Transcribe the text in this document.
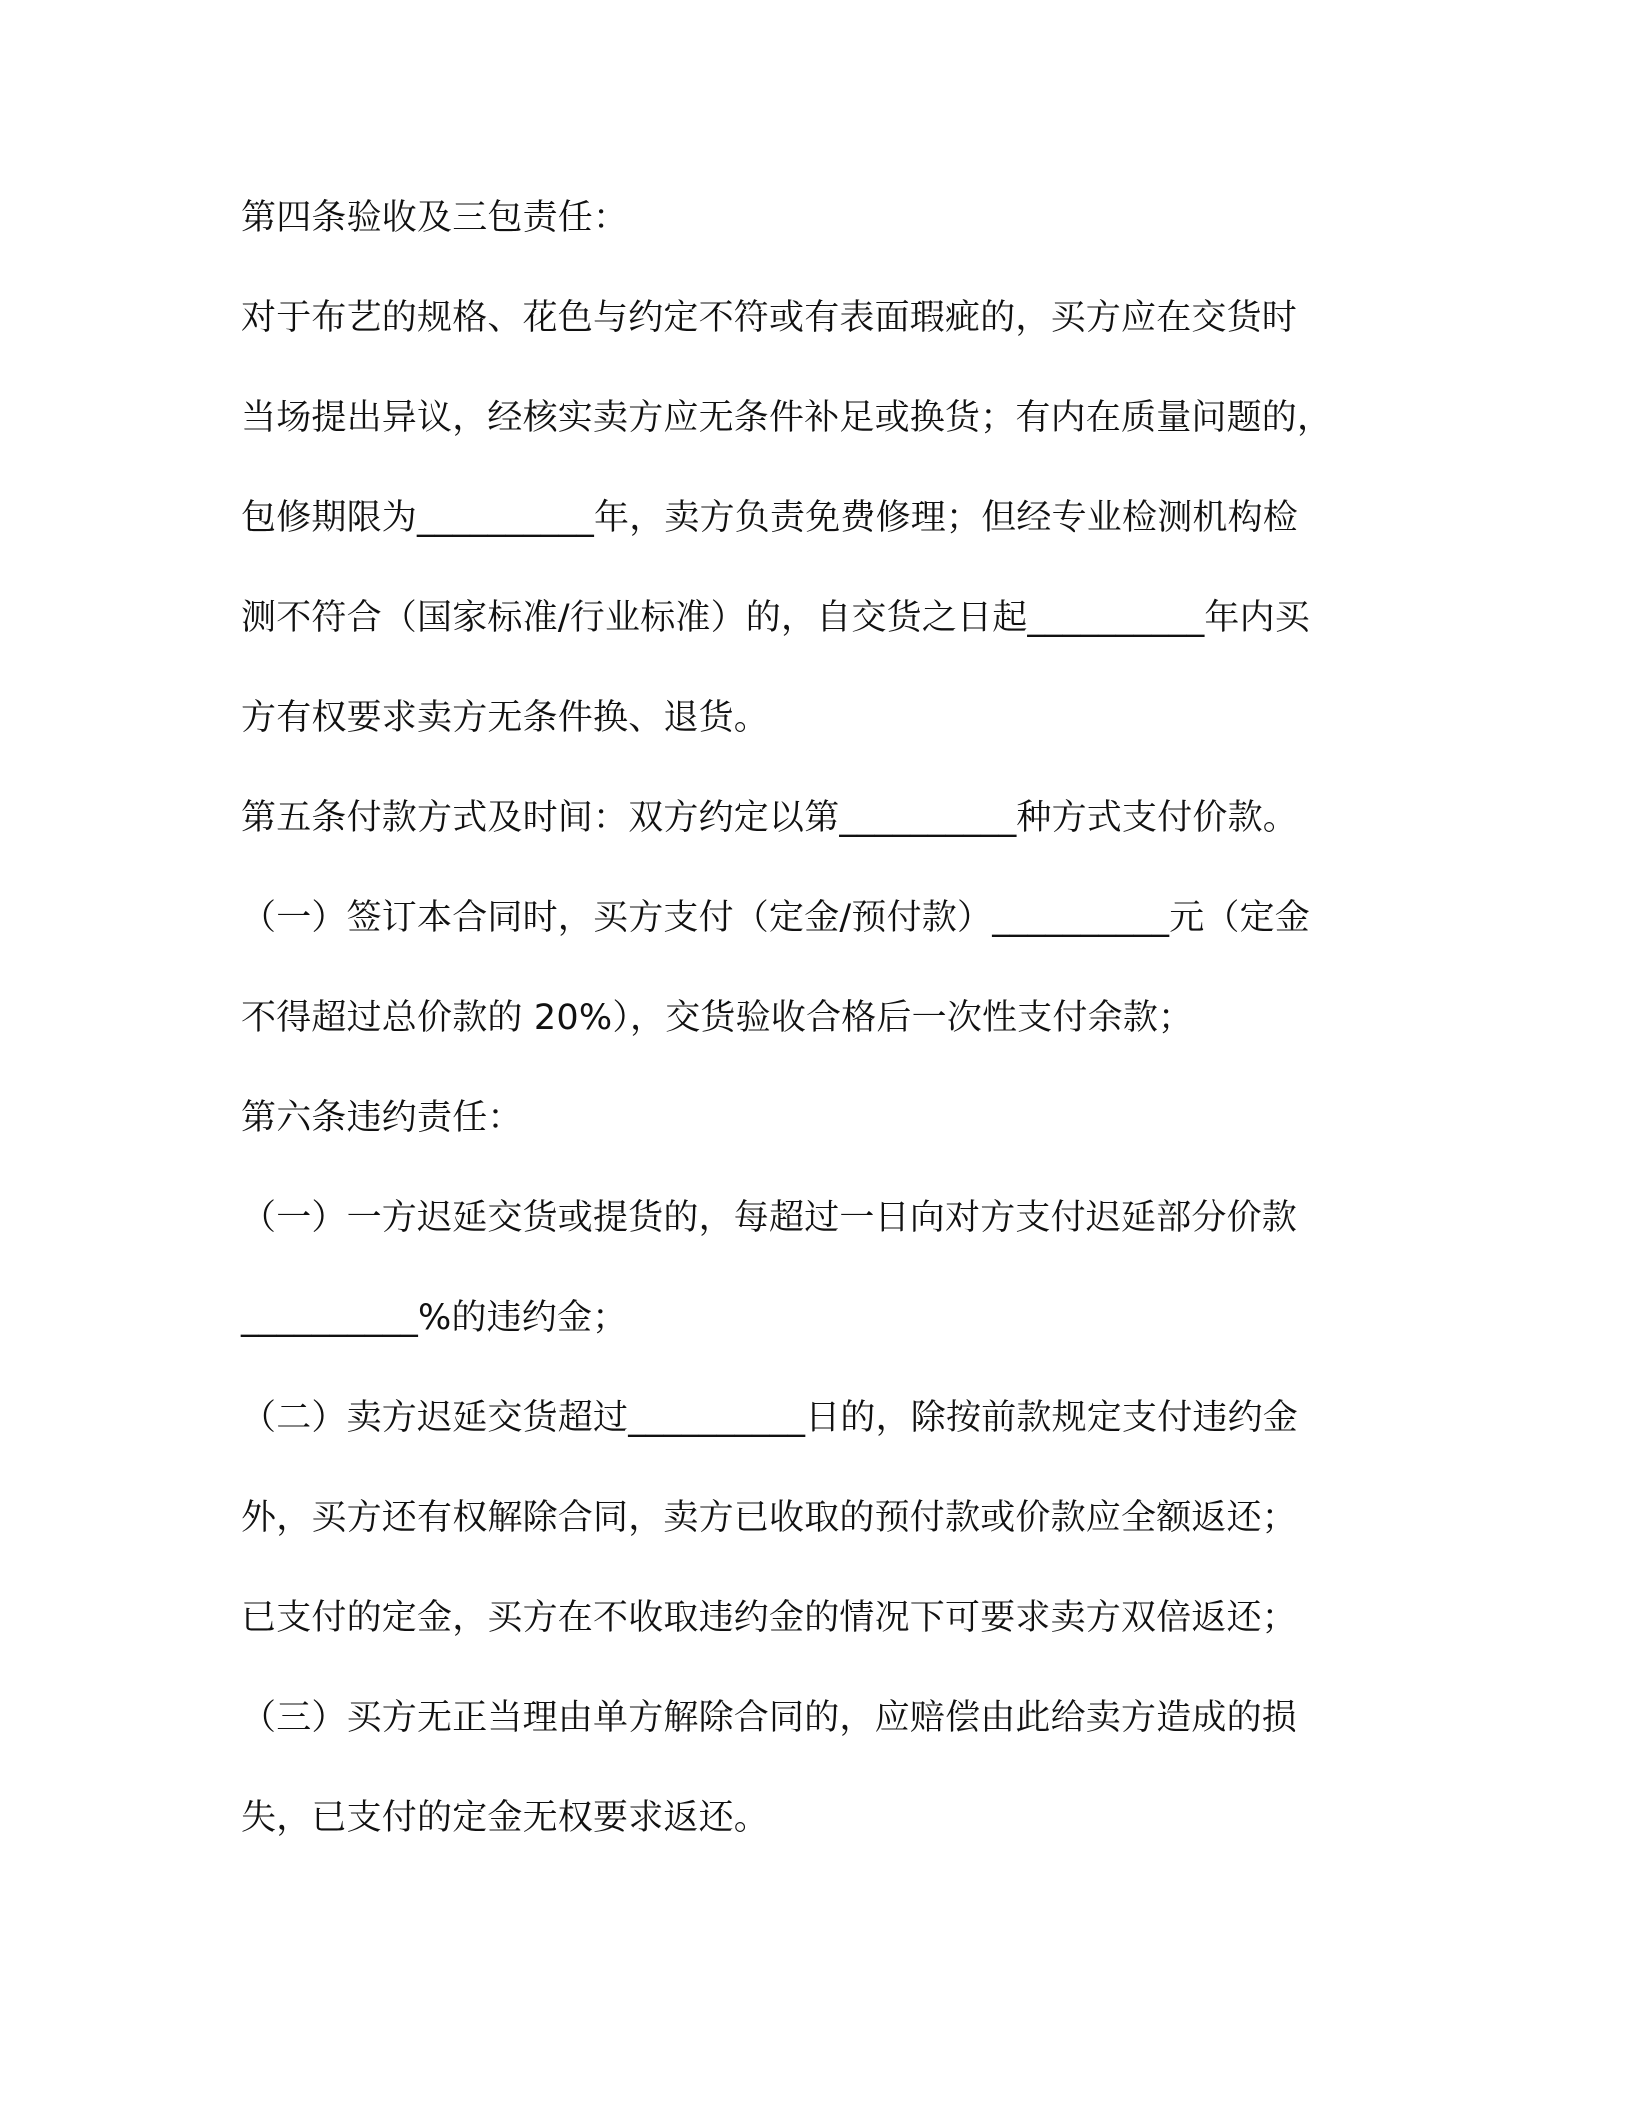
第四条验收及三包责任：
对于布艺的规格、花色与约定不符或有表面瑕疵的，买方应在交货时
当场提出异议，经核实卖方应无条件补足或换货；有内在质量问题的，
包修期限为__________年，卖方负责免费修理；但经专业检测机构检
测不符合（国家标准/行业标准）的，自交货之日起__________年内买
方有权要求卖方无条件换、退货。
第五条付款方式及时间：双方约定以第__________种方式支付价款。
（一）签订本合同时，买方支付（定金/预付款）__________元（定金
不得超过总价款的 20%），交货验收合格后一次性支付余款；
第六条违约责任：
（一）一方迟延交货或提货的，每超过一日向对方支付迟延部分价款
__________%的违约金；
（二）卖方迟延交货超过__________日的，除按前款规定支付违约金
外，买方还有权解除合同，卖方已收取的预付款或价款应全额返还；
已支付的定金，买方在不收取违约金的情况下可要求卖方双倍返还；
（三）买方无正当理由单方解除合同的，应赔偿由此给卖方造成的损
失，已支付的定金无权要求返还。
